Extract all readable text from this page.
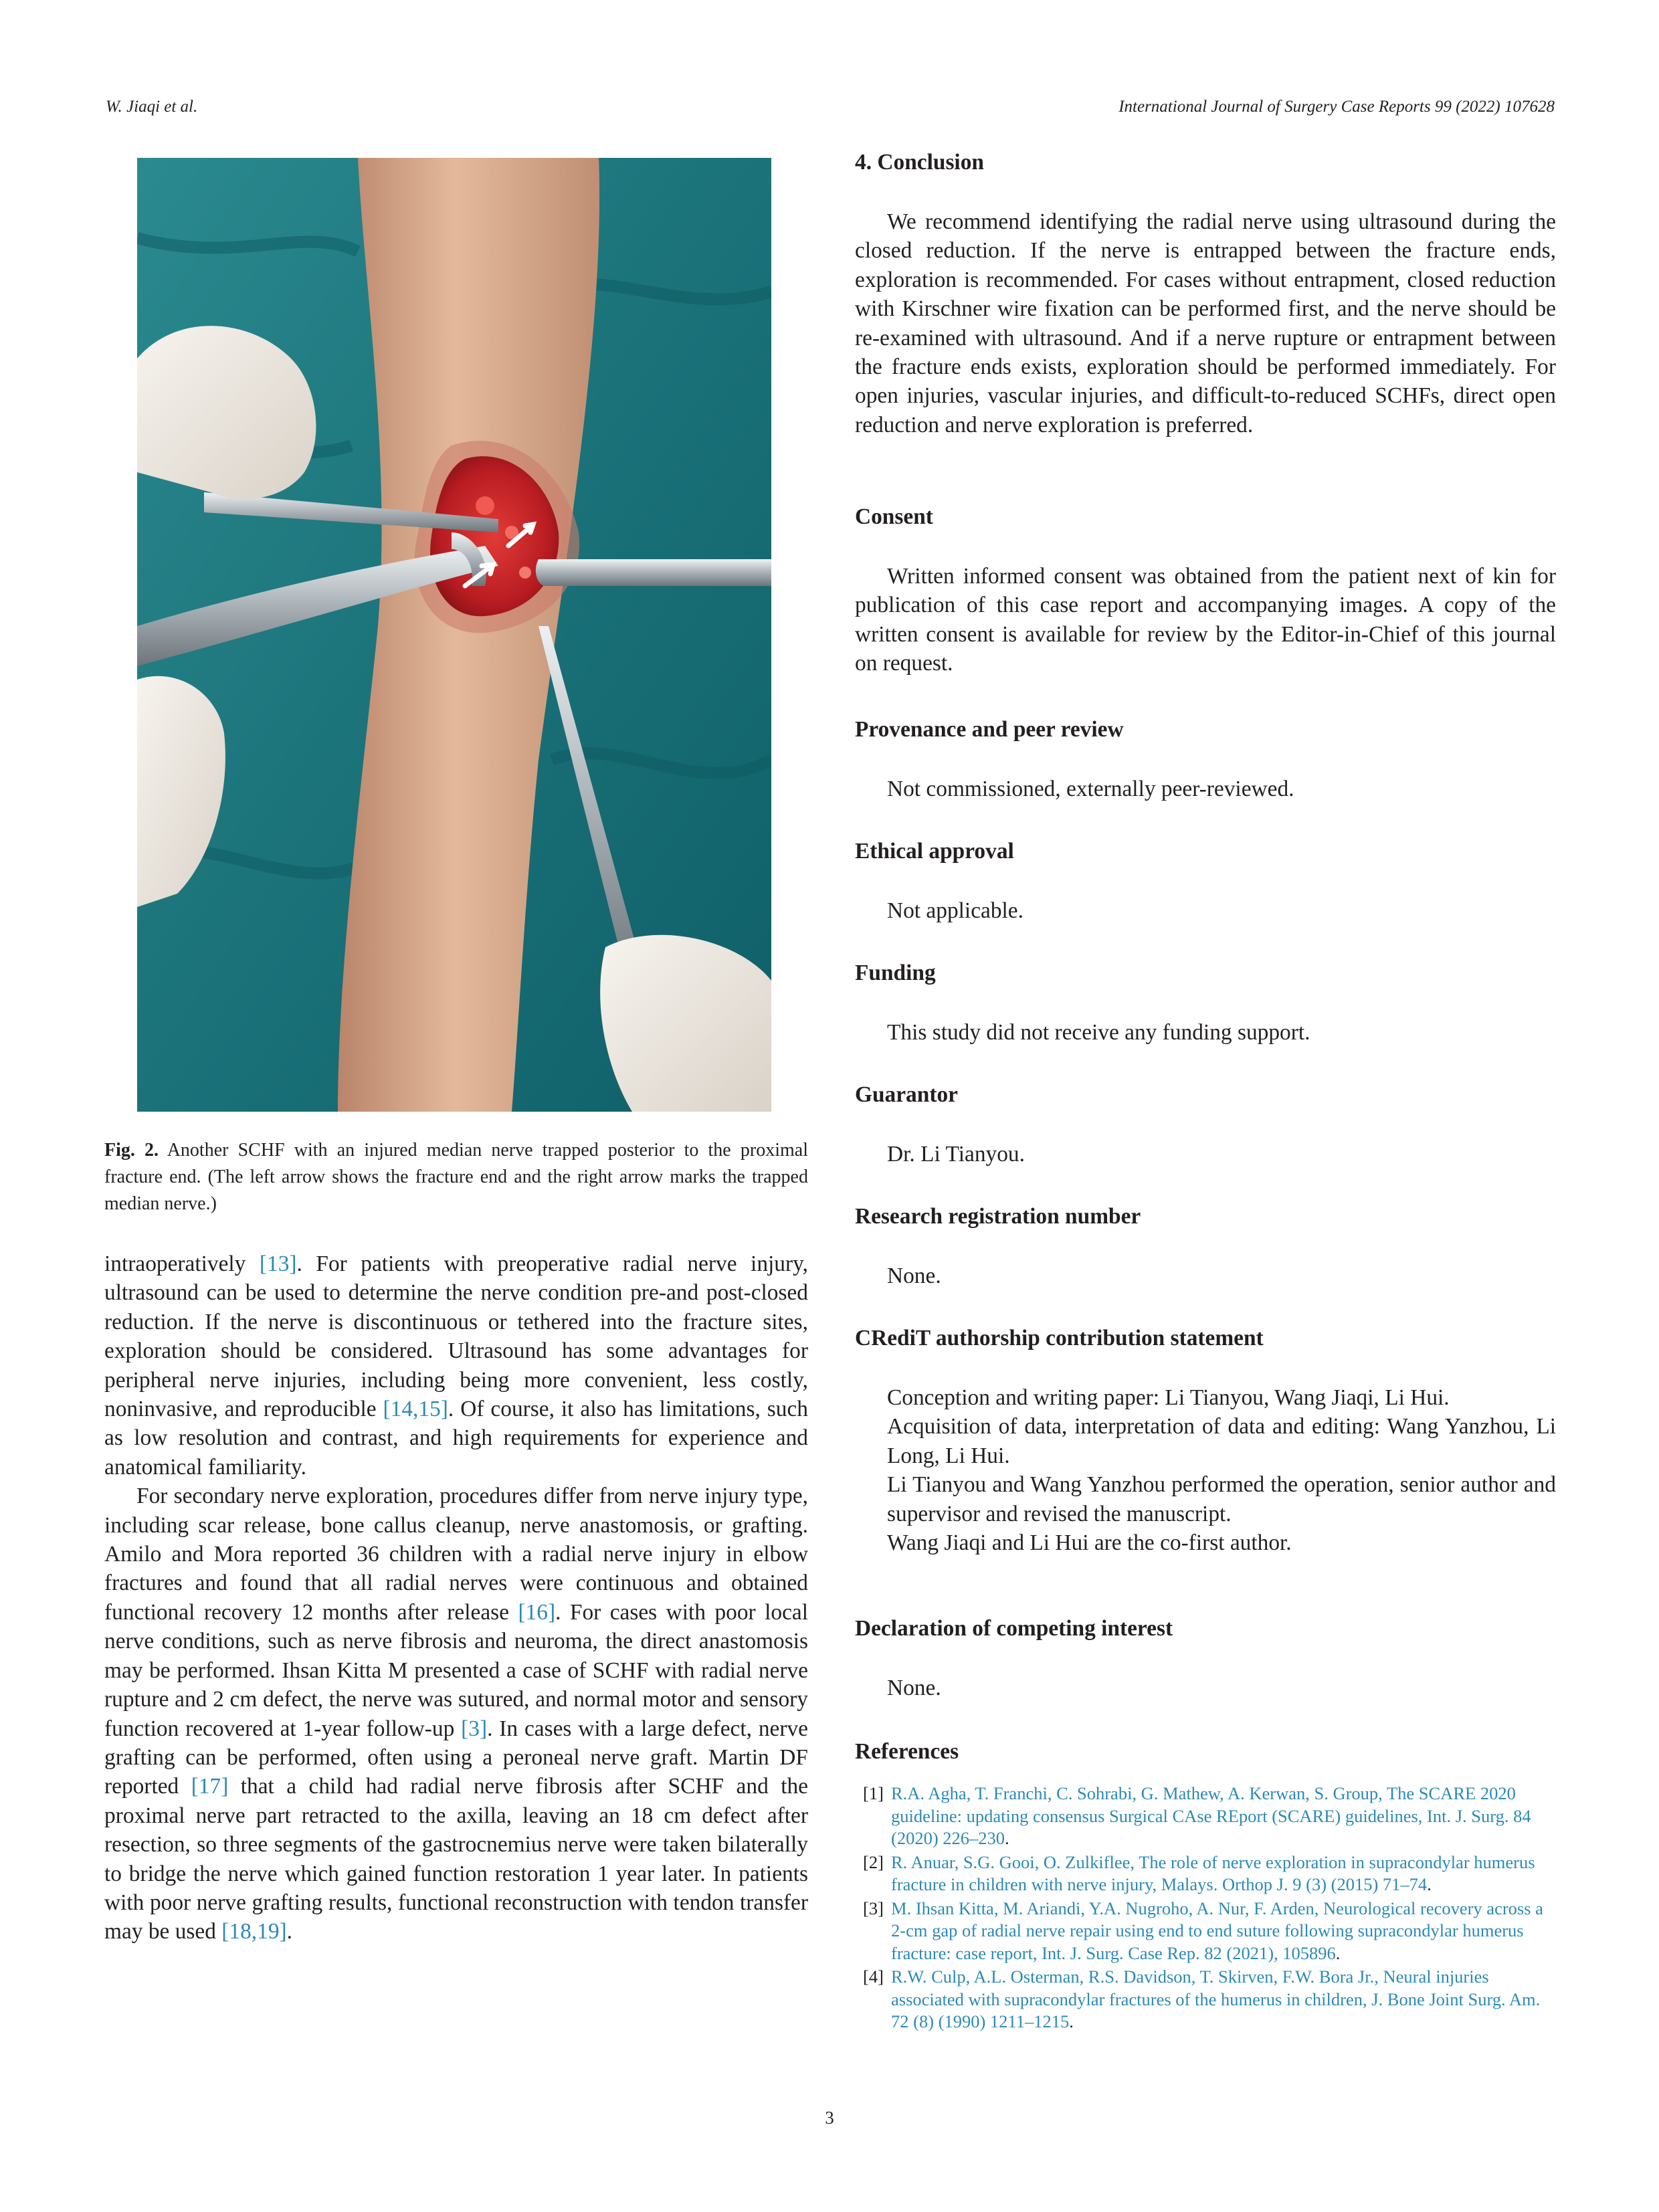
W. Jiaqi et al.	International Journal of Surgery Case Reports 99 (2022) 107628
Fig. 2. Another SCHF with an injured median nerve trapped posterior to the proximal fracture end. (The left arrow shows the fracture end and the right arrow marks the trapped median nerve.)

intraoperatively [13]. For patients with preoperative radial nerve injury, ultrasound can be used to determine the nerve condition pre-and post-closed reduction. If the nerve is discontinuous or tethered into the fracture sites, exploration should be considered. Ultrasound has some advantages for peripheral nerve injuries, including being more convenient, less costly, noninvasive, and reproducible [14,15]. Of course, it also has limitations, such as low resolution and contrast, and high requirements for experience and anatomical familiarity.

For secondary nerve exploration, procedures differ from nerve injury type, including scar release, bone callus cleanup, nerve anastomosis, or grafting. Amilo and Mora reported 36 children with a radial nerve injury in elbow fractures and found that all radial nerves were continuous and obtained functional recovery 12 months after release [16]. For cases with poor local nerve conditions, such as nerve fibrosis and neuroma, the direct anastomosis may be performed. Ihsan Kitta M presented a case of SCHF with radial nerve rupture and 2 cm defect, the nerve was sutured, and normal motor and sensory function recovered at 1-year follow-up [3]. In cases with a large defect, nerve grafting can be performed, often using a peroneal nerve graft. Martin DF reported [17] that a child had radial nerve fibrosis after SCHF and the proximal nerve part retracted to the axilla, leaving an 18 cm defect after resection, so three segments of the gastrocnemius nerve were taken bilaterally to bridge the nerve which gained function restoration 1 year later. In patients with poor nerve grafting results, functional reconstruction with tendon transfer may be used [18,19].

4. Conclusion

We recommend identifying the radial nerve using ultrasound during the closed reduction. If the nerve is entrapped between the fracture ends, exploration is recommended. For cases without entrapment, closed reduction with Kirschner wire fixation can be performed first, and the nerve should be re-examined with ultrasound. And if a nerve rupture or entrapment between the fracture ends exists, exploration should be performed immediately. For open injuries, vascular injuries, and difficult-to-reduced SCHFs, direct open reduction and nerve exploration is preferred.

Consent

Written informed consent was obtained from the patient next of kin for publication of this case report and accompanying images. A copy of the written consent is available for review by the Editor-in-Chief of this journal on request.

Provenance and peer review

Not commissioned, externally peer-reviewed.

Ethical approval

Not applicable.

Funding

This study did not receive any funding support.

Guarantor

Dr. Li Tianyou.

Research registration number

None.

CRediT authorship contribution statement

Conception and writing paper: Li Tianyou, Wang Jiaqi, Li Hui.

Acquisition of data, interpretation of data and editing: Wang Yanzhou, Li Long, Li Hui.

Li Tianyou and Wang Yanzhou performed the operation, senior author and supervisor and revised the manuscript.

Wang Jiaqi and Li Hui are the co-first author.

Declaration of competing interest

None.

References
[1] R.A. Agha, T. Franchi, C. Sohrabi, G. Mathew, A. Kerwan, S. Group, The SCARE 2020 guideline: updating consensus Surgical CAse REport (SCARE) guidelines, Int. J. Surg. 84 (2020) 226–230.
[2] R. Anuar, S.G. Gooi, O. Zulkiflee, The role of nerve exploration in supracondylar humerus fracture in children with nerve injury, Malays. Orthop J. 9 (3) (2015) 71–74.
[3] M. Ihsan Kitta, M. Ariandi, Y.A. Nugroho, A. Nur, F. Arden, Neurological recovery across a 2-cm gap of radial nerve repair using end to end suture following supracondylar humerus fracture: case report, Int. J. Surg. Case Rep. 82 (2021), 105896.
[4] R.W. Culp, A.L. Osterman, R.S. Davidson, T. Skirven, F.W. Bora Jr., Neural injuries associated with supracondylar fractures of the humerus in children, J. Bone Joint Surg. Am. 72 (8) (1990) 1211–1215.
3
